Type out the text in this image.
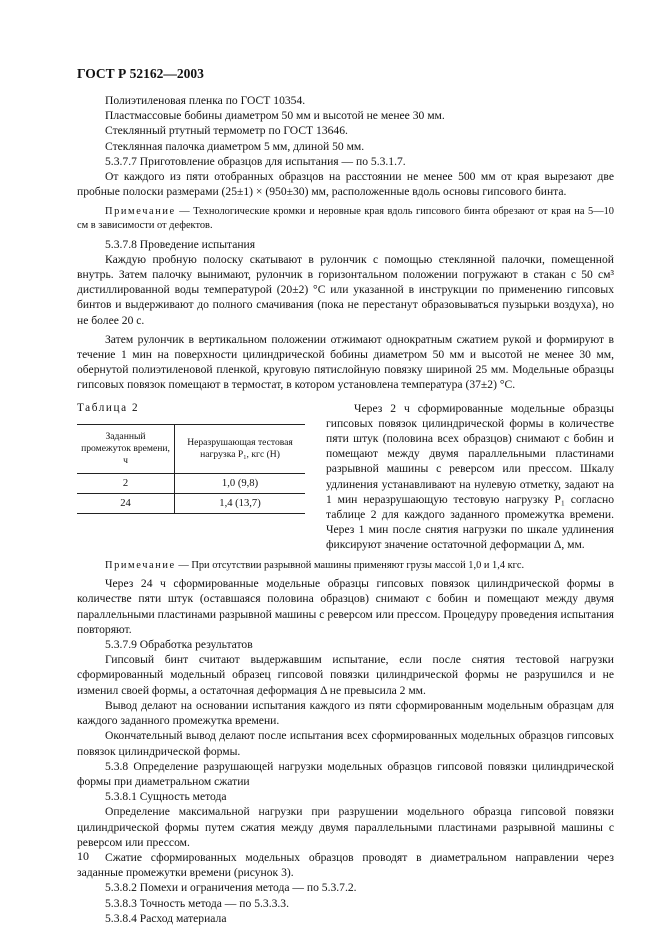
ГОСТ Р 52162—2003

Полиэтиленовая пленка по ГОСТ 10354.

Пластмассовые бобины диаметром 50 мм и высотой не менее 30 мм.

Стеклянный ртутный термометр по ГОСТ 13646.

Стеклянная палочка диаметром 5 мм, длиной 50 мм.

5.3.7.7 Приготовление образцов для испытания — по 5.3.1.7.

От каждого из пяти отобранных образцов на расстоянии не менее 500 мм от края вырезают две пробные полоски размерами (25±1) × (950±30) мм, расположенные вдоль основы гипсового бинта.

Примечание — Технологические кромки и неровные края вдоль гипсового бинта обрезают от края на 5—10 см в зависимости от дефектов.

5.3.7.8 Проведение испытания

Каждую пробную полоску скатывают в рулончик с помощью стеклянной палочки, помещенной внутрь. Затем палочку вынимают, рулончик в горизонтальном положении погружают в стакан с 50 см³ дистиллированной воды температурой (20±2) °С или указанной в инструкции по применению гипсовых бинтов и выдерживают до полного смачивания (пока не перестанут образовываться пузырьки воздуха), но не более 20 с.

Затем рулончик в вертикальном положении отжимают однократным сжатием рукой и формируют в течение 1 мин на поверхности цилиндрической бобины диаметром 50 мм и высотой не менее 30 мм, обернутой полиэтиленовой пленкой, круговую пятислойную повязку шириной 25 мм. Модельные образцы гипсовых повязок помещают в термостат, в котором установлена температура (37±2) °С.

Таблица 2
Заданный промежуток времени, ч	Неразрушающая тестовая нагрузка P₁, кгс (Н)
2	1,0 (9,8)
24	1,4 (13,7)

Через 2 ч сформированные модельные образцы гипсовых повязок цилиндрической формы в количестве пяти штук (половина всех образцов) снимают с бобин и помещают между двумя параллельными пластинами разрывной машины с реверсом или прессом. Шкалу удлинения устанавливают на нулевую отметку, задают на 1 мин неразрушающую тестовую нагрузку P₁ согласно таблице 2 для каждого заданного промежутка времени. Через 1 мин после снятия нагрузки по шкале удлинения фиксируют значение остаточной деформации Δ, мм.

Примечание — При отсутствии разрывной машины применяют грузы массой 1,0 и 1,4 кгс.

Через 24 ч сформированные модельные образцы гипсовых повязок цилиндрической формы в количестве пяти штук (оставшаяся половина образцов) снимают с бобин и помещают между двумя параллельными пластинами разрывной машины с реверсом или прессом. Процедуру проведения испытания повторяют.

5.3.7.9 Обработка результатов

Гипсовый бинт считают выдержавшим испытание, если после снятия тестовой нагрузки сформированный модельный образец гипсовой повязки цилиндрической формы не разрушился и не изменил своей формы, а остаточная деформация Δ не превысила 2 мм.

Вывод делают на основании испытания каждого из пяти сформированным модельным образцам для каждого заданного промежутка времени.

Окончательный вывод делают после испытания всех сформированных модельных образцов гипсовых повязок цилиндрической формы.

5.3.8 Определение разрушающей нагрузки модельных образцов гипсовой повязки цилиндрической формы при диаметральном сжатии

5.3.8.1 Сущность метода

Определение максимальной нагрузки при разрушении модельного образца гипсовой повязки цилиндрической формы путем сжатия между двумя параллельными пластинами разрывной машины с реверсом или прессом.

Сжатие сформированных модельных образцов проводят в диаметральном направлении через заданные промежутки времени (рисунок 3).

5.3.8.2 Помехи и ограничения метода — по 5.3.7.2.

5.3.8.3 Точность метода — по 5.3.3.3.

5.3.8.4 Расход материала

10
